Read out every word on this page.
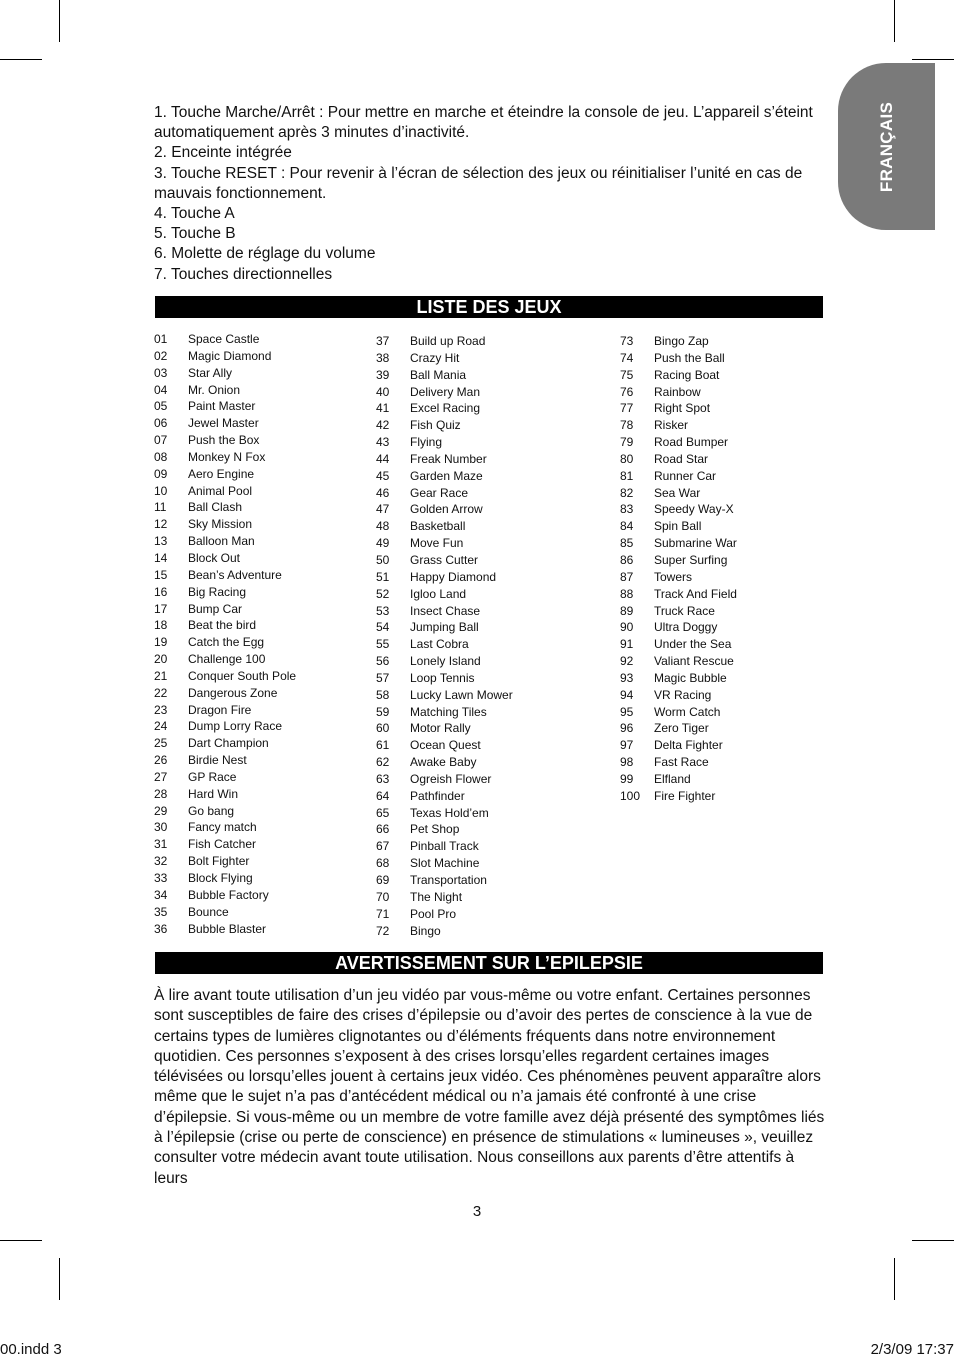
FRANÇAIS
1. Touche Marche/Arrêt : Pour mettre en marche et éteindre la console de jeu. L’appareil s’éteint automatiquement après 3 minutes d’inactivité.
2. Enceinte intégrée
3. Touche RESET : Pour revenir à l’écran de sélection des jeux ou réinitialiser l’unité en cas de mauvais fonctionnement.
4. Touche A
5. Touche B
6. Molette de réglage du volume
7. Touches directionnelles
LISTE DES JEUX
01 Space Castle
02 Magic Diamond
03 Star Ally
04 Mr. Onion
05 Paint Master
06 Jewel Master
07 Push the Box
08 Monkey N Fox
09 Aero Engine
10 Animal Pool
11 Ball Clash
12 Sky Mission
13 Balloon Man
14 Block Out
15 Bean’s Adventure
16 Big Racing
17 Bump Car
18 Beat the bird
19 Catch the Egg
20 Challenge 100
21 Conquer South Pole
22 Dangerous Zone
23 Dragon Fire
24 Dump Lorry Race
25 Dart Champion
26 Birdie Nest
27 GP Race
28 Hard Win
29 Go bang
30 Fancy match
31 Fish Catcher
32 Bolt Fighter
33 Block Flying
34 Bubble Factory
35 Bounce
36 Bubble Blaster
37 Build up Road
38 Crazy Hit
39 Ball Mania
40 Delivery Man
41 Excel Racing
42 Fish Quiz
43 Flying
44 Freak Number
45 Garden Maze
46 Gear Race
47 Golden Arrow
48 Basketball
49 Move Fun
50 Grass Cutter
51 Happy Diamond
52 Igloo Land
53 Insect Chase
54 Jumping Ball
55 Last Cobra
56 Lonely Island
57 Loop Tennis
58 Lucky Lawn Mower
59 Matching Tiles
60 Motor Rally
61 Ocean Quest
62 Awake Baby
63 Ogreish Flower
64 Pathfinder
65 Texas Hold’em
66 Pet Shop
67 Pinball Track
68 Slot Machine
69 Transportation
70 The Night
71 Pool Pro
72 Bingo
73 Bingo Zap
74 Push the Ball
75 Racing Boat
76 Rainbow
77 Right Spot
78 Risker
79 Road Bumper
80 Road Star
81 Runner Car
82 Sea War
83 Speedy Way-X
84 Spin Ball
85 Submarine War
86 Super Surfing
87 Towers
88 Track And Field
89 Truck Race
90 Ultra Doggy
91 Under the Sea
92 Valiant Rescue
93 Magic Bubble
94 VR Racing
95 Worm Catch
96 Zero Tiger
97 Delta Fighter
98 Fast Race
99 Elfland
100 Fire Fighter
AVERTISSEMENT SUR L’EPILEPSIE

À lire avant toute utilisation d’un jeu vidéo par vous-même ou votre enfant. Certaines personnes sont susceptibles de faire des crises d’épilepsie ou d’avoir des pertes de conscience à la vue de certains types de lumières clignotantes ou d’éléments fréquents dans notre environnement quotidien. Ces personnes s’exposent à des crises lorsqu’elles regardent certaines images télévisées ou lorsqu’elles jouent à certains jeux vidéo. Ces phénomènes peuvent apparaître alors même que le sujet n’a pas d’antécédent médical ou n’a jamais été confronté à une crise d’épilepsie. Si vous-même ou un membre de votre famille avez déjà présenté des symptômes liés à l’épilepsie (crise ou perte de conscience) en présence de stimulations « lumineuses », veuillez consulter votre médecin avant toute utilisation. Nous conseillons aux parents d’être attentifs à leurs

3
00.indd 3	2/3/09 17:37
